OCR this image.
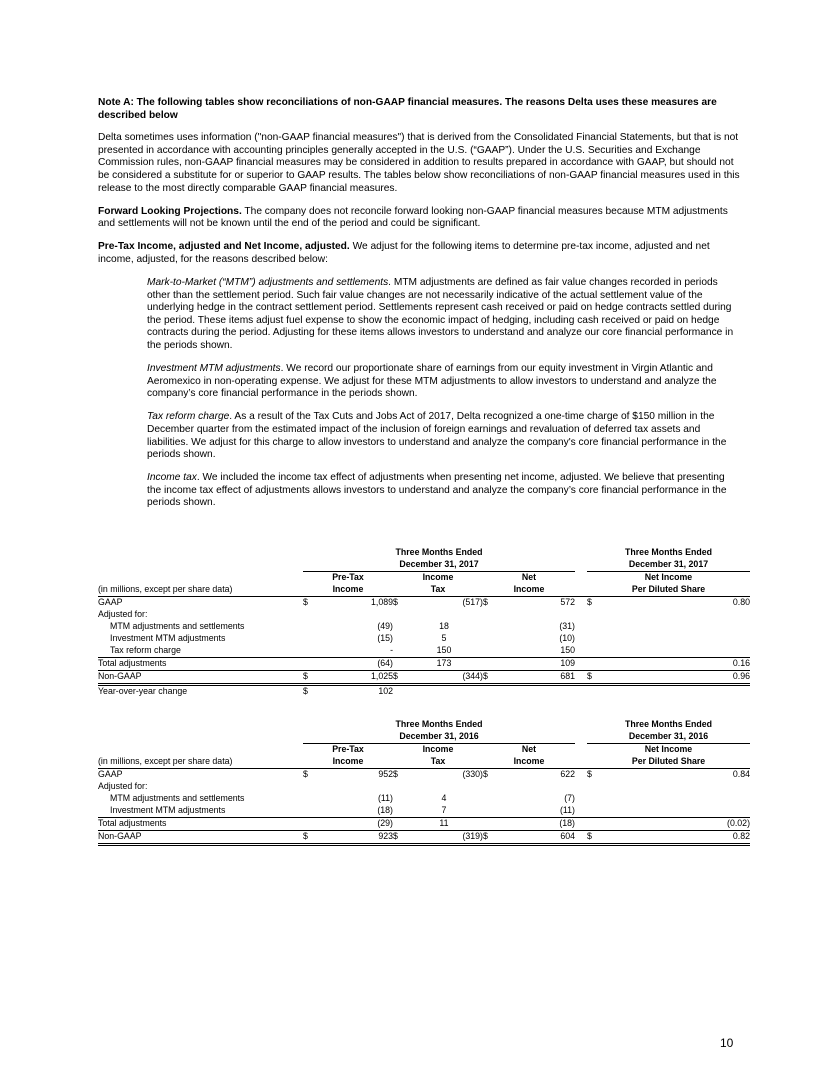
Note A: The following tables show reconciliations of non-GAAP financial measures. The reasons Delta uses these measures are described below

Delta sometimes uses information ("non-GAAP financial measures") that is derived from the Consolidated Financial Statements, but that is not presented in accordance with accounting principles generally accepted in the U.S. (“GAAP”). Under the U.S. Securities and Exchange Commission rules, non-GAAP financial measures may be considered in addition to results prepared in accordance with GAAP, but should not be considered a substitute for or superior to GAAP results. The tables below show reconciliations of non-GAAP financial measures used in this release to the most directly comparable GAAP financial measures.

Forward Looking Projections. The company does not reconcile forward looking non-GAAP financial measures because MTM adjustments and settlements will not be known until the end of the period and could be significant.

Pre-Tax Income, adjusted and Net Income, adjusted. We adjust for the following items to determine pre-tax income, adjusted and net income, adjusted, for the reasons described below:

Mark-to-Market (“MTM”) adjustments and settlements. MTM adjustments are defined as fair value changes recorded in periods other than the settlement period. Such fair value changes are not necessarily indicative of the actual settlement value of the underlying hedge in the contract settlement period. Settlements represent cash received or paid on hedge contracts settled during the period. These items adjust fuel expense to show the economic impact of hedging, including cash received or paid on hedge contracts during the period. Adjusting for these items allows investors to understand and analyze our core financial performance in the periods shown.

Investment MTM adjustments. We record our proportionate share of earnings from our equity investment in Virgin Atlantic and Aeromexico in non-operating expense. We adjust for these MTM adjustments to allow investors to understand and analyze the company’s core financial performance in the periods shown.

Tax reform charge. As a result of the Tax Cuts and Jobs Act of 2017, Delta recognized a one-time charge of $150 million in the December quarter from the estimated impact of the inclusion of foreign earnings and revaluation of deferred tax assets and liabilities. We adjust for this charge to allow investors to understand and analyze the company's core financial performance in the periods shown.

Income tax. We included the income tax effect of adjustments when presenting net income, adjusted. We believe that presenting the income tax effect of adjustments allows investors to understand and analyze the company’s core financial performance in the periods shown.

	Three Months Ended							Three Months Ended	
	December 31, 2017							December 31, 2017	
	Pre-Tax		Income		Net			Net Income	
(in millions, except per share data)	Income		Tax		Income			Per Diluted Share	
GAAP	$	1,089	$	(517)	$	572		$	0.80
Adjusted for:									
MTM adjustments and settlements		(49)		18		(31)			
Investment MTM adjustments		(15)		5		(10)			
Tax reform charge		-		150		150			
Total adjustments		(64)		173		109			0.16
Non-GAAP	$	1,025	$	(344)	$	681		$	0.96
Year-over-year change	$	102							
	Three Months Ended							Three Months Ended	
	December 31, 2016							December 31, 2016	
	Pre-Tax		Income		Net			Net Income	
(in millions, except per share data)	Income		Tax		Income			Per Diluted Share	
GAAP	$	952	$	(330)	$	622		$	0.84
Adjusted for:									
MTM adjustments and settlements		(11)		4		(7)			
Investment MTM adjustments		(18)		7		(11)			
Total adjustments		(29)		11		(18)			(0.02)
Non-GAAP	$	923	$	(319)	$	604		$	0.82
10
